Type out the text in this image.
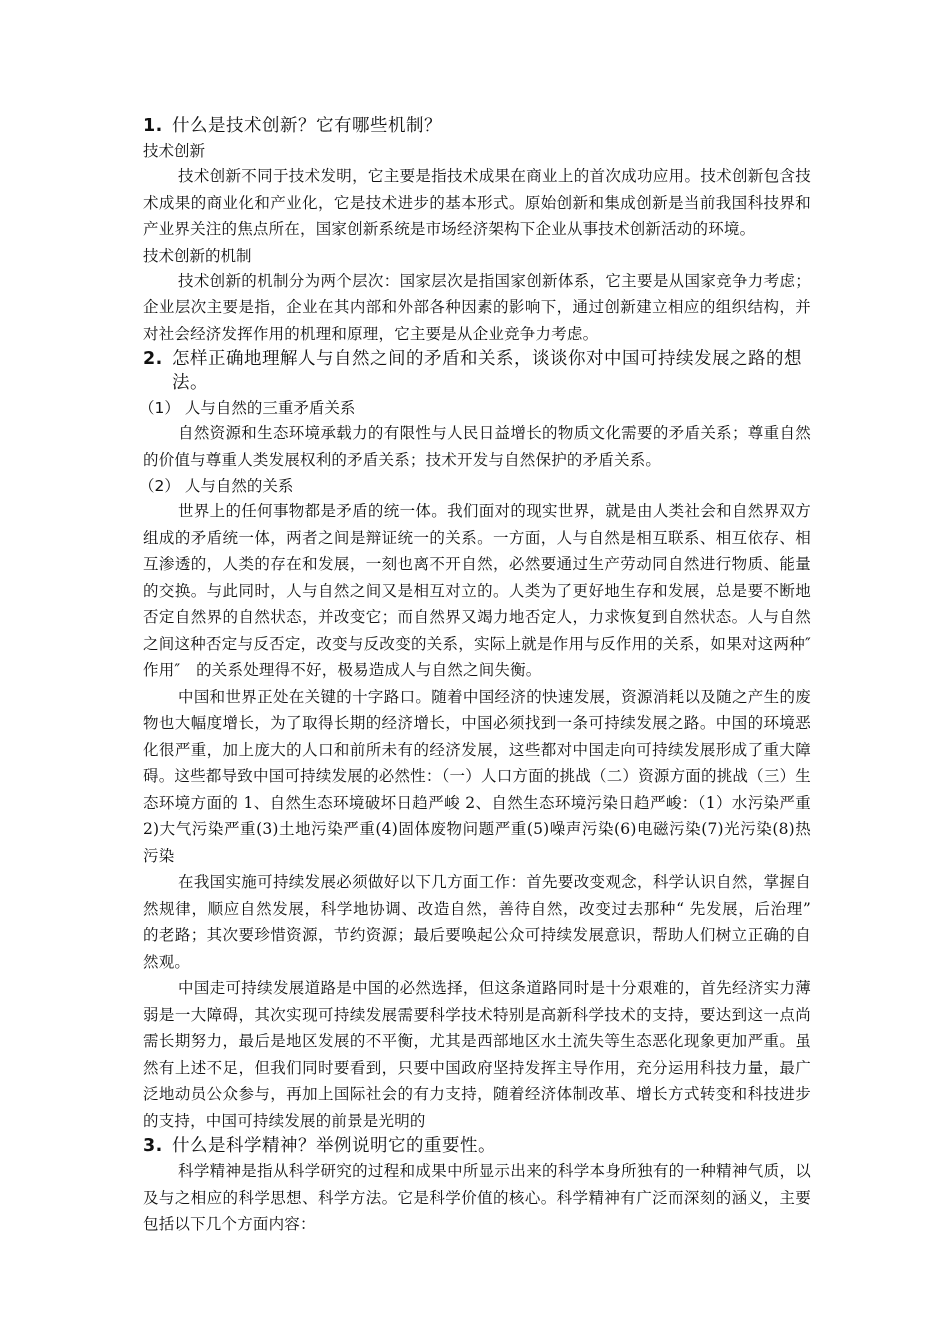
1. 什么是技术创新？它有哪些机制？
技术创新

技术创新不同于技术发明，它主要是指技术成果在商业上的首次成功应用。技术创新包含技术成果的商业化和产业化，它是技术进步的基本形式。原始创新和集成创新是当前我国科技界和产业界关注的焦点所在，国家创新系统是市场经济架构下企业从事技术创新活动的环境。

技术创新的机制

技术创新的机制分为两个层次：国家层次是指国家创新体系，它主要是从国家竞争力考虑；企业层次主要是指，企业在其内部和外部各种因素的影响下，通过创新建立相应的组织结构，并对社会经济发挥作用的机理和原理，它主要是从企业竞争力考虑。

2. 怎样正确地理解人与自然之间的矛盾和关系，谈谈你对中国可持续发展之路的想法。
（1） 人与自然的三重矛盾关系

自然资源和生态环境承载力的有限性与人民日益增长的物质文化需要的矛盾关系；尊重自然的价值与尊重人类发展权利的矛盾关系；技术开发与自然保护的矛盾关系。

（2） 人与自然的关系

世界上的任何事物都是矛盾的统一体。我们面对的现实世界，就是由人类社会和自然界双方组成的矛盾统一体，两者之间是辩证统一的关系。一方面，人与自然是相互联系、相互依存、相互渗透的，人类的存在和发展，一刻也离不开自然，必然要通过生产劳动同自然进行物质、能量的交换。与此同时，人与自然之间又是相互对立的。人类为了更好地生存和发展，总是要不断地否定自然界的自然状态，并改变它；而自然界又竭力地否定人，力求恢复到自然状态。人与自然之间这种否定与反否定，改变与反改变的关系，实际上就是作用与反作用的关系，如果对这两种″　作用″　的关系处理得不好，极易造成人与自然之间失衡。

中国和世界正处在关键的十字路口。随着中国经济的快速发展，资源消耗以及随之产生的废物也大幅度增长，为了取得长期的经济增长，中国必须找到一条可持续发展之路。中国的环境恶化很严重，加上庞大的人口和前所未有的经济发展，这些都对中国走向可持续发展形成了重大障碍。这些都导致中国可持续发展的必然性：（一）人口方面的挑战（二）资源方面的挑战（三）生态环境方面的 1、自然生态环境破坏日趋严峻 2、自然生态环境污染日趋严峻：（1）水污染严重 2)大气污染严重(3)土地污染严重(4)固体废物问题严重(5)噪声污染(6)电磁污染(7)光污染(8)热污染

在我国实施可持续发展必须做好以下几方面工作：首先要改变观念，科学认识自然，掌握自然规律，顺应自然发展，科学地协调、改造自然，善待自然，改变过去那种“ 先发展，后治理” 的老路；其次要珍惜资源，节约资源；最后要唤起公众可持续发展意识，帮助人们树立正确的自然观。

中国走可持续发展道路是中国的必然选择，但这条道路同时是十分艰难的，首先经济实力薄弱是一大障碍，其次实现可持续发展需要科学技术特别是高新科学技术的支持，要达到这一点尚需长期努力，最后是地区发展的不平衡，尤其是西部地区水土流失等生态恶化现象更加严重。虽然有上述不足，但我们同时要看到，只要中国政府坚持发挥主导作用，充分运用科技力量，最广泛地动员公众参与，再加上国际社会的有力支持，随着经济体制改革、增长方式转变和科技进步的支持，中国可持续发展的前景是光明的

3. 什么是科学精神？举例说明它的重要性。

科学精神是指从科学研究的过程和成果中所显示出来的科学本身所独有的一种精神气质，以及与之相应的科学思想、科学方法。它是科学价值的核心。科学精神有广泛而深刻的涵义，主要包括以下几个方面内容：
